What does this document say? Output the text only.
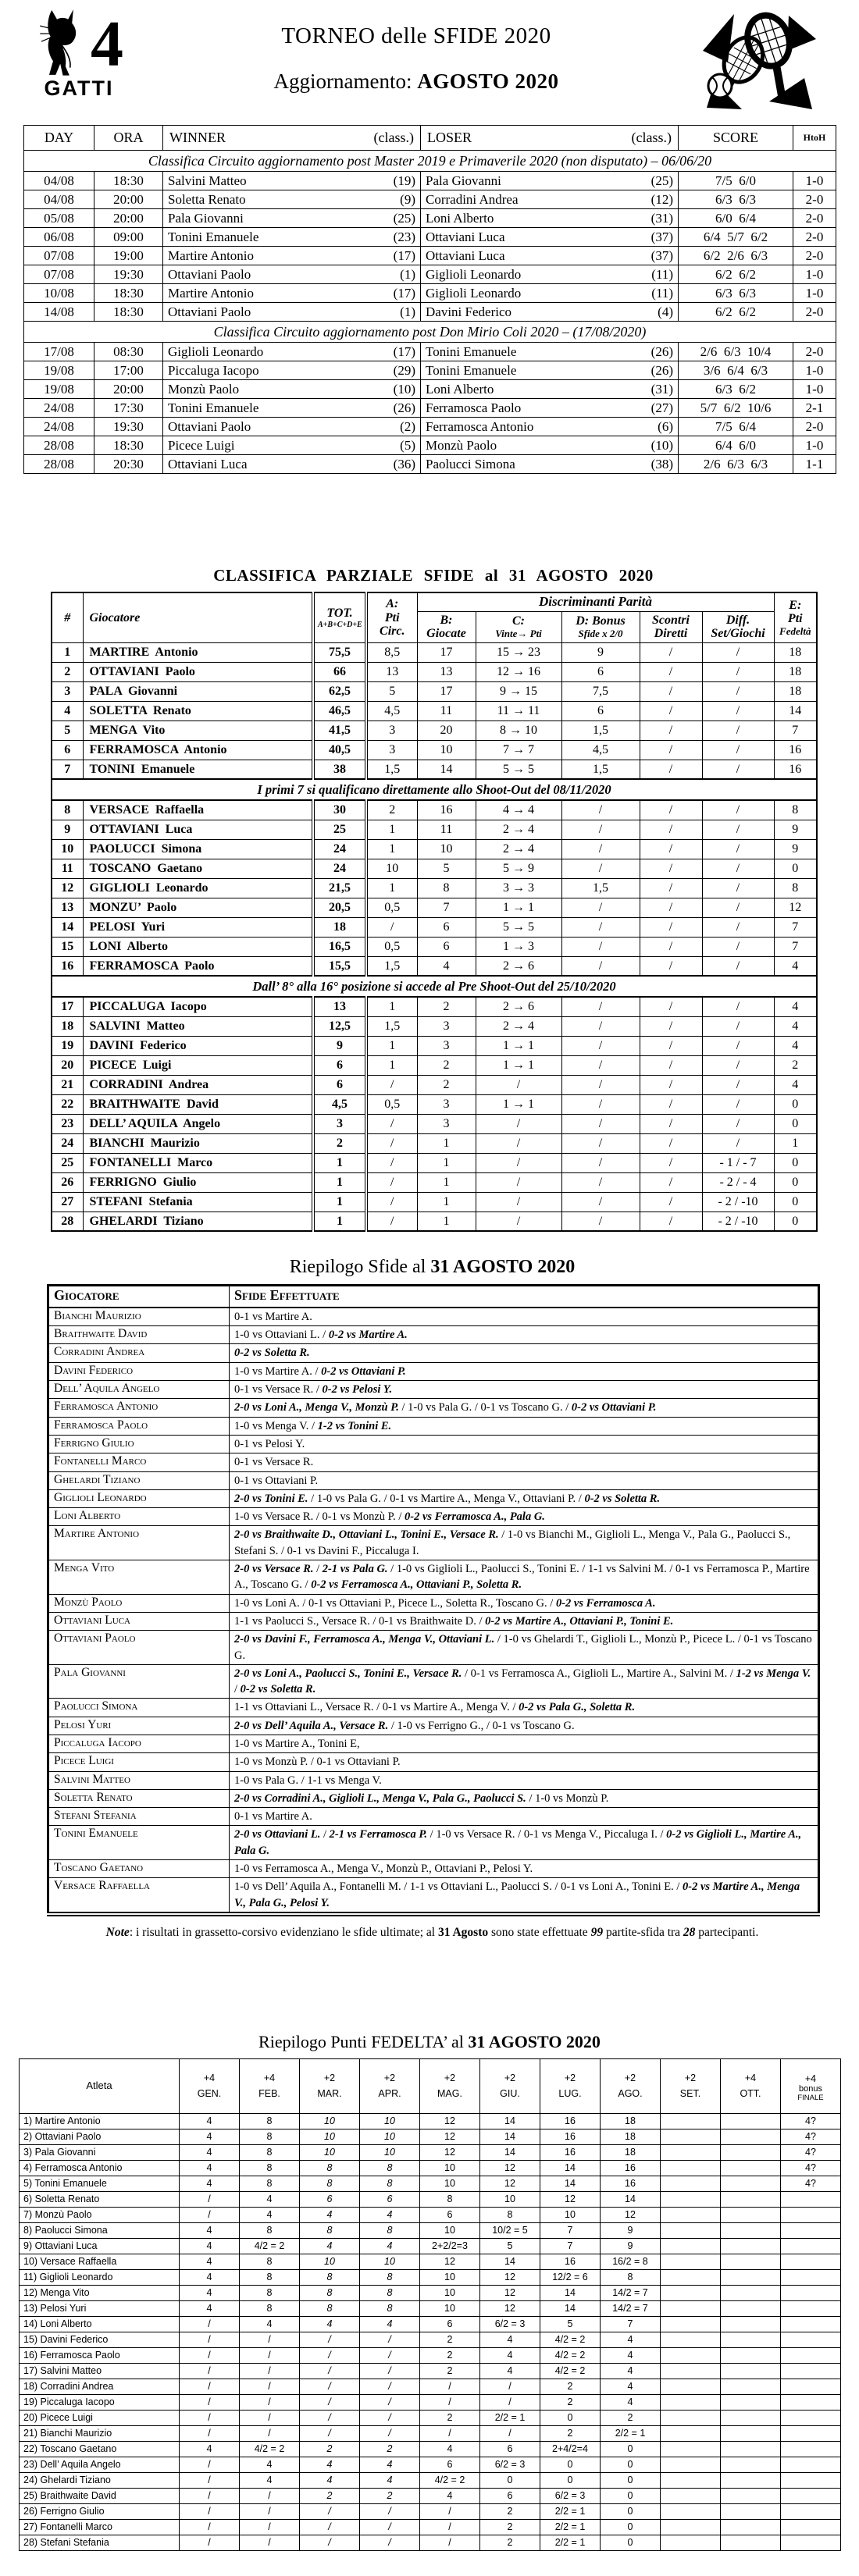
4
GATTI
TORNEO delle SFIDE 2020
Aggiornamento: AGOSTO 2020
DAY	ORA	WINNER (class.)	LOSER (class.)	SCORE	HtoH
Classifica Circuito aggiornamento post Master 2019 e Primaverile 2020 (non disputato) – 06/06/20					
04/08	18:30	Salvini Matteo (19)	Pala Giovanni (25)	7/5  6/0	1-0
04/08	20:00	Soletta Renato (9)	Corradini Andrea (12)	6/3  6/3	2-0
05/08	20:00	Pala Giovanni (25)	Loni Alberto (31)	6/0  6/4	2-0
06/08	09:00	Tonini Emanuele (23)	Ottaviani Luca (37)	6/4  5/7  6/2	2-0
07/08	19:00	Martire Antonio (17)	Ottaviani Luca (37)	6/2  2/6  6/3	2-0
07/08	19:30	Ottaviani Paolo (1)	Giglioli Leonardo (11)	6/2  6/2	1-0
10/08	18:30	Martire Antonio (17)	Giglioli Leonardo (11)	6/3  6/3	1-0
14/08	18:30	Ottaviani Paolo (1)	Davini Federico (4)	6/2  6/2	2-0
Classifica Circuito aggiornamento post Don Mirio Coli 2020 – (17/08/2020)					
17/08	08:30	Giglioli Leonardo (17)	Tonini Emanuele (26)	2/6  6/3  10/4	2-0
19/08	17:00	Piccaluga Iacopo (29)	Tonini Emanuele (26)	3/6  6/4  6/3	1-0
19/08	20:00	Monzù Paolo (10)	Loni Alberto (31)	6/3  6/2	1-0
24/08	17:30	Tonini Emanuele (26)	Ferramosca Paolo (27)	5/7  6/2  10/6	2-1
24/08	19:30	Ottaviani Paolo (2)	Ferramosca Antonio (6)	7/5  6/4	2-0
28/08	18:30	Picece Luigi (5)	Monzù Paolo (10)	6/4  6/0	1-0
28/08	20:30	Ottaviani Luca (36)	Paolucci Simona (38)	2/6  6/3  6/3	1-1
CLASSIFICA PARZIALE SFIDE al 31 AGOSTO 2020
#	Giocatore	TOT.
A+B+C+D+E

A:
Pti
Circ.
	Discriminanti Parità	E:
Pti
Fedeltà

B:
Giocate

C:
Vinte→ Pti

D: Bonus
Sfide x 2/0

Scontri
Diretti

Diff.
Set/Giochi

1	MARTIRE  Antonio	75,5	8,5	17	15 → 23	9	/	/	18
2	OTTAVIANI  Paolo	66	13	13	12 → 16	6	/	/	18
3	PALA  Giovanni	62,5	5	17	9 → 15	7,5	/	/	18
4	SOLETTA  Renato	46,5	4,5	11	11 → 11	6	/	/	14
5	MENGA  Vito	41,5	3	20	8 → 10	1,5	/	/	7
6	FERRAMOSCA  Antonio	40,5	3	10	7 → 7	4,5	/	/	16
7	TONINI  Emanuele	38	1,5	14	5 → 5	1,5	/	/	16
I primi 7 si qualificano direttamente allo Shoot-Out del 08/11/2020									
8	VERSACE  Raffaella	30	2	16	4 → 4	/	/	/	8
9	OTTAVIANI  Luca	25	1	11	2 → 4	/	/	/	9
10	PAOLUCCI  Simona	24	1	10	2 → 4	/	/	/	9
11	TOSCANO  Gaetano	24	10	5	5 → 9	/	/	/	0
12	GIGLIOLI  Leonardo	21,5	1	8	3 → 3	1,5	/	/	8
13	MONZU’  Paolo	20,5	0,5	7	1 → 1	/	/	/	12
14	PELOSI  Yuri	18	/	6	5 → 5	/	/	/	7
15	LONI  Alberto	16,5	0,5	6	1 → 3	/	/	/	7
16	FERRAMOSCA  Paolo	15,5	1,5	4	2 → 6	/	/	/	4
Dall’ 8° alla 16° posizione si accede al Pre Shoot-Out del 25/10/2020									
17	PICCALUGA  Iacopo	13	1	2	2 → 6	/	/	/	4
18	SALVINI  Matteo	12,5	1,5	3	2 → 4	/	/	/	4
19	DAVINI  Federico	9	1	3	1 → 1	/	/	/	4
20	PICECE  Luigi	6	1	2	1 → 1	/	/	/	2
21	CORRADINI  Andrea	6	/	2	/	/	/	/	4
22	BRAITHWAITE  David	4,5	0,5	3	1 → 1	/	/	/	0
23	DELL’ AQUILA  Angelo	3	/	3	/	/	/	/	0
24	BIANCHI  Maurizio	2	/	1	/	/	/	/	1
25	FONTANELLI  Marco	1	/	1	/	/	/	- 1 / - 7	0
26	FERRIGNO  Giulio	1	/	1	/	/	/	- 2 / - 4	0
27	STEFANI  Stefania	1	/	1	/	/	/	- 2 / -10	0
28	GHELARDI  Tiziano	1	/	1	/	/	/	- 2 / -10	0
Riepilogo Sfide al 31 AGOSTO 2020
Giocatore	Sfide Effettuate
Bianchi Maurizio	0-1 vs Martire A.
Braithwaite David	1-0 vs Ottaviani L. / 0-2 vs Martire A.
Corradini Andrea	0-2 vs Soletta R.
Davini Federico	1-0 vs Martire A. / 0-2 vs Ottaviani P.
Dell’ Aquila Angelo	0-1 vs Versace R. / 0-2 vs Pelosi Y.
Ferramosca Antonio	2-0 vs Loni A., Menga V., Monzù P. / 1-0 vs Pala G. / 0-1 vs Toscano G. / 0-2 vs Ottaviani P.
Ferramosca Paolo	1-0 vs Menga V. / 1-2 vs Tonini E.
Ferrigno Giulio	0-1 vs Pelosi Y.
Fontanelli Marco	0-1 vs Versace R.
Ghelardi Tiziano	0-1 vs Ottaviani P.
Giglioli Leonardo	2-0 vs Tonini E. / 1-0 vs Pala G. / 0-1 vs Martire A., Menga V., Ottaviani P. / 0-2 vs Soletta R.
Loni Alberto	1-0 vs Versace R. / 0-1 vs Monzù P. / 0-2 vs Ferramosca A., Pala G.
Martire Antonio	2-0 vs Braithwaite D., Ottaviani L., Tonini E., Versace R. / 1-0 vs Bianchi M., Giglioli L., Menga V., Pala G., Paolucci S., Stefani S. / 0-1 vs Davini F., Piccaluga I.
Menga Vito	2-0 vs Versace R. / 2-1 vs Pala G. / 1-0 vs Giglioli L., Paolucci S., Tonini E. / 1-1 vs Salvini M. / 0-1 vs Ferramosca P., Martire A., Toscano G. / 0-2 vs Ferramosca A., Ottaviani P., Soletta R.
Monzù Paolo	1-0 vs Loni A. / 0-1 vs Ottaviani P., Picece L., Soletta R., Toscano G. / 0-2 vs Ferramosca A.
Ottaviani Luca	1-1 vs Paolucci S., Versace R. / 0-1 vs Braithwaite D. / 0-2 vs Martire A., Ottaviani P., Tonini E.
Ottaviani Paolo	2-0 vs Davini F., Ferramosca A., Menga V., Ottaviani L. / 1-0 vs Ghelardi T., Giglioli L., Monzù P., Picece L. / 0-1 vs Toscano G.
Pala Giovanni	2-0 vs Loni A., Paolucci S., Tonini E., Versace R. / 0-1 vs Ferramosca A., Giglioli L., Martire A., Salvini M. / 1-2 vs Menga V. / 0-2 vs Soletta R.
Paolucci Simona	1-1 vs Ottaviani L., Versace R. / 0-1 vs Martire A., Menga V. / 0-2 vs Pala G., Soletta R.
Pelosi Yuri	2-0 vs Dell’ Aquila A., Versace R. / 1-0 vs Ferrigno G., / 0-1 vs Toscano G.
Piccaluga Iacopo	1-0 vs Martire A., Tonini E,
Picece Luigi	1-0 vs Monzù P. / 0-1 vs Ottaviani P.
Salvini Matteo	1-0 vs Pala G. / 1-1 vs Menga V.
Soletta Renato	2-0 vs Corradini A., Giglioli L., Menga V., Pala G., Paolucci S. / 1-0 vs Monzù P.
Stefani Stefania	0-1 vs Martire A.
Tonini Emanuele	2-0 vs Ottaviani L. / 2-1 vs Ferramosca P. / 1-0 vs Versace R. / 0-1 vs Menga V., Piccaluga I. / 0-2 vs Giglioli L., Martire A., Pala G.
Toscano Gaetano	1-0 vs Ferramosca A., Menga V., Monzù P., Ottaviani P., Pelosi Y.
Versace Raffaella	1-0 vs Dell’ Aquila A., Fontanelli M. / 1-1 vs Ottaviani L., Paolucci S. / 0-1 vs Loni A., Tonini E. / 0-2 vs Martire A., Menga V., Pala G., Pelosi Y.
Note: i risultati in grassetto-corsivo evidenziano le sfide ultimate; al 31 Agosto sono state effettuate 99 partite-sfida tra 28 partecipanti.
Riepilogo Punti FEDELTA’ al 31 AGOSTO 2020
Atleta	
+4
GEN.

+4
FEB.

+2
MAR.

+2
APR.

+2
MAG.

+2
GIU.

+2
LUG.

+2
AGO.

+2
SET.

+4
OTT.

+4
bonus
FINALE

1) Martire Antonio	4	8	10	10	12	14	16	18			4?
2) Ottaviani Paolo	4	8	10	10	12	14	16	18			4?
3) Pala Giovanni	4	8	10	10	12	14	16	18			4?
4) Ferramosca Antonio	4	8	8	8	10	12	14	16			4?
5) Tonini Emanuele	4	8	8	8	10	12	14	16			4?
6) Soletta Renato	/	4	6	6	8	10	12	14			
7) Monzù Paolo	/	4	4	4	6	8	10	12			
8) Paolucci Simona	4	8	8	8	10	10/2 = 5	7	9			
9) Ottaviani Luca	4	4/2 = 2	4	4	2+2/2=3	5	7	9			
10) Versace Raffaella	4	8	10	10	12	14	16	16/2 = 8			
11) Giglioli Leonardo	4	8	8	8	10	12	12/2 = 6	8			
12) Menga Vito	4	8	8	8	10	12	14	14/2 = 7			
13) Pelosi Yuri	4	8	8	8	10	12	14	14/2 = 7			
14) Loni Alberto	/	4	4	4	6	6/2 = 3	5	7			
15) Davini Federico	/	/	/	/	2	4	4/2 = 2	4			
16) Ferramosca Paolo	/	/	/	/	2	4	4/2 = 2	4			
17) Salvini Matteo	/	/	/	/	2	4	4/2 = 2	4			
18) Corradini Andrea	/	/	/	/	/	/	2	4			
19) Piccaluga Iacopo	/	/	/	/	/	/	2	4			
20) Picece Luigi	/	/	/	/	2	2/2 = 1	0	2			
21) Bianchi Maurizio	/	/	/	/	/	/	2	2/2 = 1			
22) Toscano Gaetano	4	4/2 = 2	2	2	4	6	2+4/2=4	0			
23) Dell’ Aquila Angelo	/	4	4	4	6	6/2 = 3	0	0			
24) Ghelardi Tiziano	/	4	4	4	4/2 = 2	0	0	0			
25) Braithwaite David	/	/	2	2	4	6	6/2 = 3	0			
26) Ferrigno Giulio	/	/	/	/	/	2	2/2 = 1	0			
27) Fontanelli Marco	/	/	/	/	/	2	2/2 = 1	0			
28) Stefani Stefania	/	/	/	/	/	2	2/2 = 1	0			
